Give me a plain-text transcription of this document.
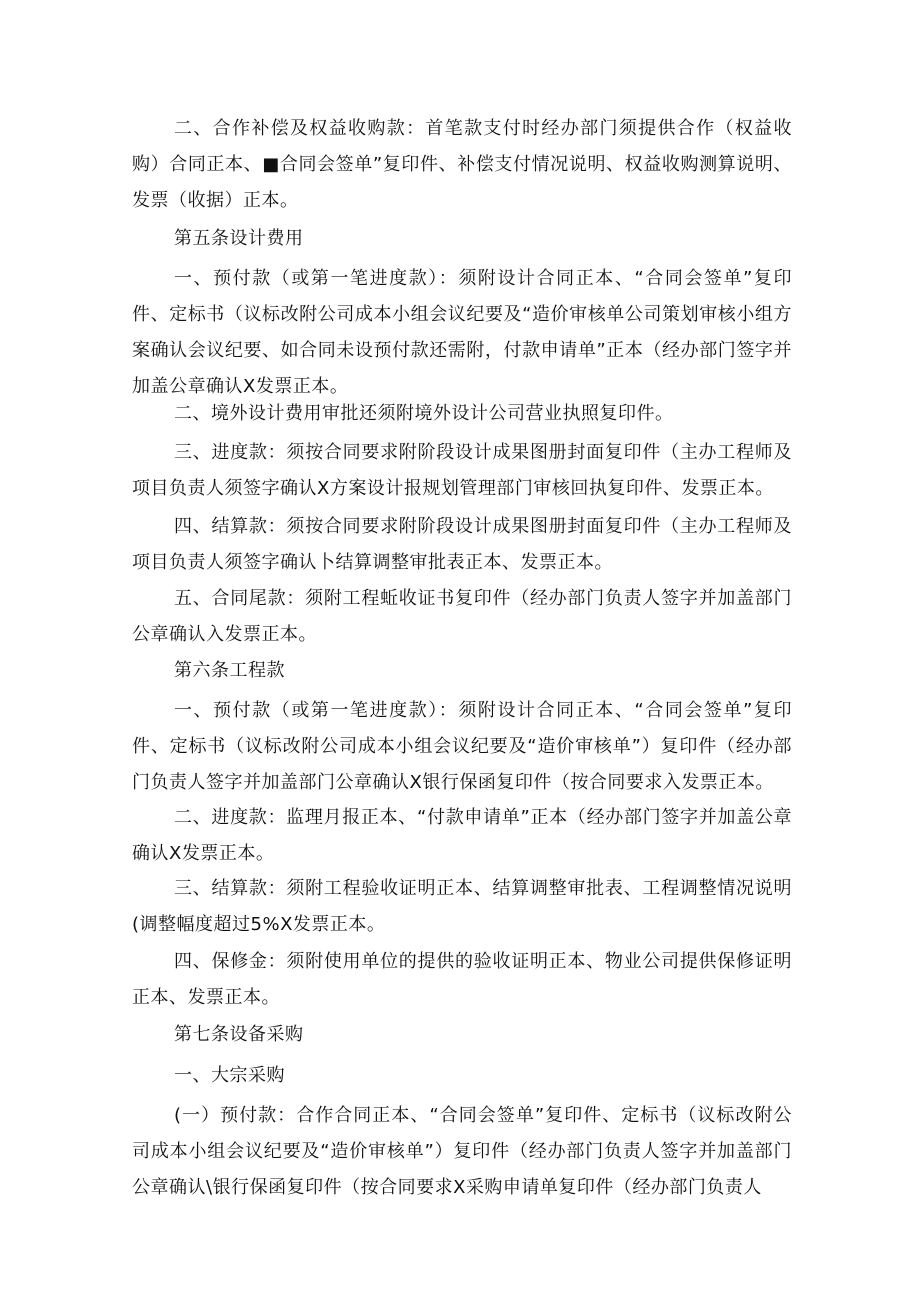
二、合作补偿及权益收购款：首笔款支付时经办部门须提供合作（权益收购）合同正本、■合同会签单”复印件、补偿支付情况说明、权益收购测算说明、发票（收据）正本。

第五条设计费用

一、预付款（或第一笔进度款）：须附设计合同正本、“合同会签单”复印件、定标书（议标改附公司成本小组会议纪要及“造价审核单公司策划审核小组方案确认会议纪要、如合同未设预付款还需附，付款申请单”正本（经办部门签字并加盖公章确认X发票正本。

二、境外设计费用审批还须附境外设计公司营业执照复印件。

三、进度款：须按合同要求附阶段设计成果图册封面复印件（主办工程师及项目负责人须签字确认X方案设计报规划管理部门审核回执复印件、发票正本。

四、结算款：须按合同要求附阶段设计成果图册封面复印件（主办工程师及项目负责人须签字确认卜结算调整审批表正本、发票正本。

五、合同尾款：须附工程蚯收证书复印件（经办部门负责人签字并加盖部门公章确认入发票正本。

第六条工程款

一、预付款（或第一笔进度款）：须附设计合同正本、“合同会签单”复印件、定标书（议标改附公司成本小组会议纪要及“造价审核单”）复印件（经办部门负责人签字并加盖部门公章确认X银行保函复印件（按合同要求入发票正本。

二、进度款：监理月报正本、“付款申请单”正本（经办部门签字并加盖公章确认X发票正本。

三、结算款：须附工程验收证明正本、结算调整审批表、工程调整情况说明(调整幅度超过5%X发票正本。

四、保修金：须附使用单位的提供的验收证明正本、物业公司提供保修证明正本、发票正本。

第七条设备采购

一、大宗采购

(一）预付款：合作合同正本、“合同会签单”复印件、定标书（议标改附公司成本小组会议纪要及“造价审核单”）复印件（经办部门负责人签字并加盖部门公章确认\银行保函复印件（按合同要求X采购申请单复印件（经办部门负责人
